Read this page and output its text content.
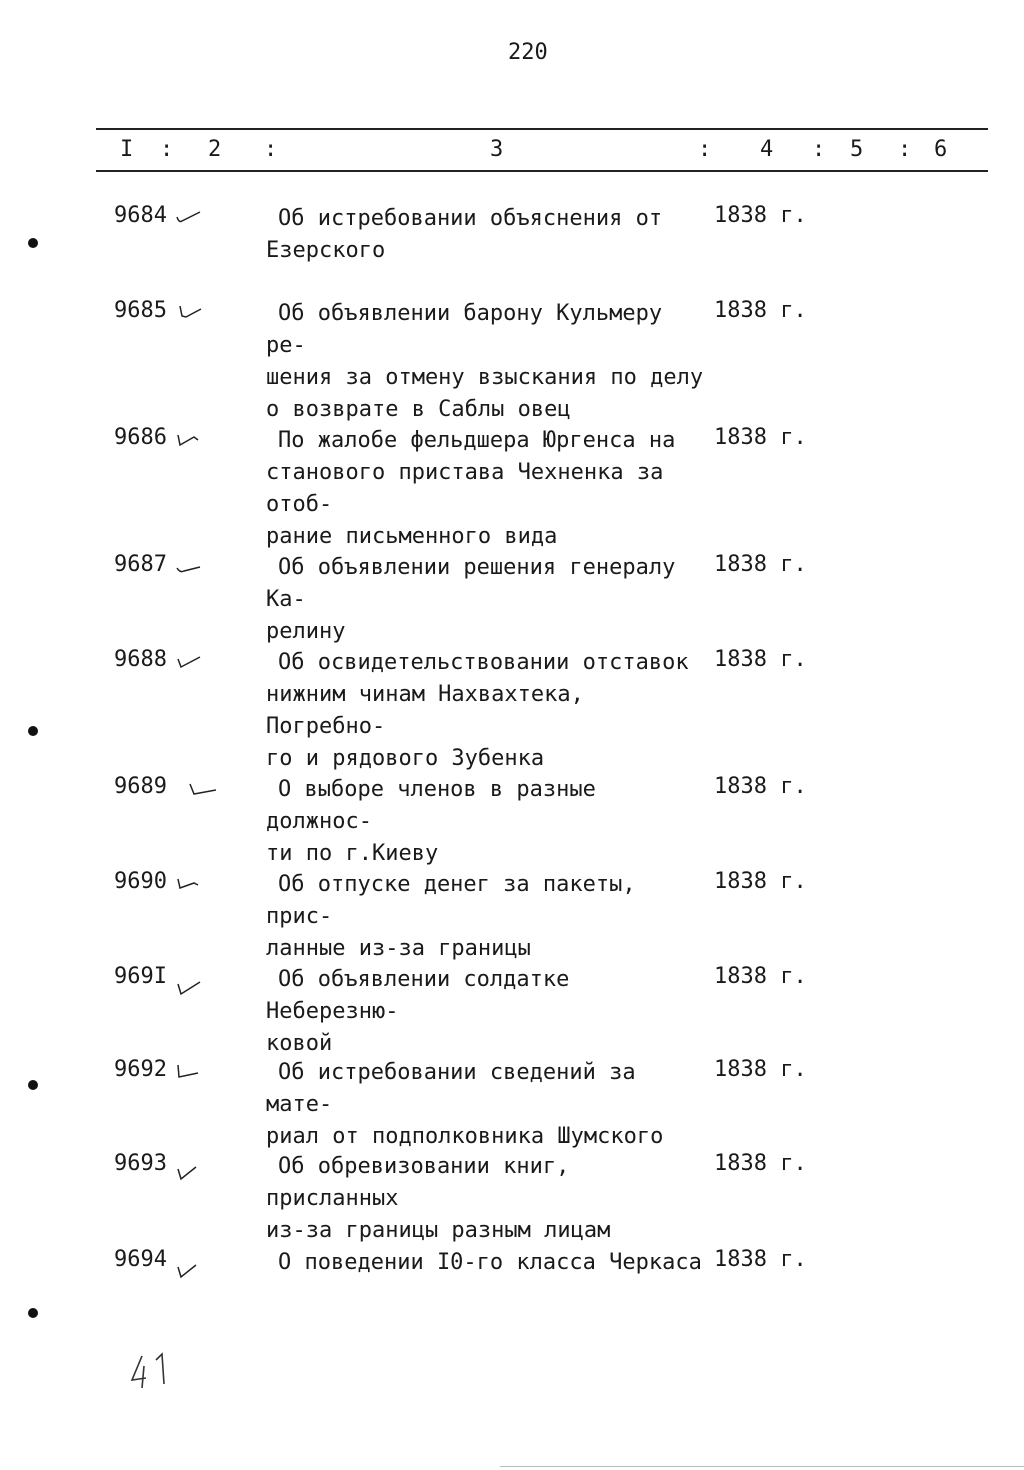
220
I : 2 :	3	: 4 : 5 : 6
9684	Об истребовании объяснения от
Езерского
1838 г.
9685	Об объявлении барону Кульмеру ре-
шения за отмену взыскания по делу
о возврате в Саблы овец
1838 г.
9686	По жалобе фельдшера Юргенса на
станового пристава Чехненка за отоб-
рание письменного вида
1838 г.
9687	Об объявлении решения генералу Ка-
релину
1838 г.
9688	Об освидетельствовании отставок
нижним чинам Нахвахтека, Погребно-
го и рядового Зубенка
1838 г.
9689	О выборе членов в разные должнос-
ти по г.Киеву
1838 г.
9690	Об отпуске денег за пакеты, прис-
ланные из-за границы
1838 г.
969I	Об объявлении солдатке Неберезню-
ковой
1838 г.
9692	Об истребовании сведений за мате-
риал от подполковника Шумского
1838 г.
9693	Об обревизовании книг, присланных
из-за границы разным лицам
1838 г.
9694	О поведении I0-го класса Черкаса 1838 г.
